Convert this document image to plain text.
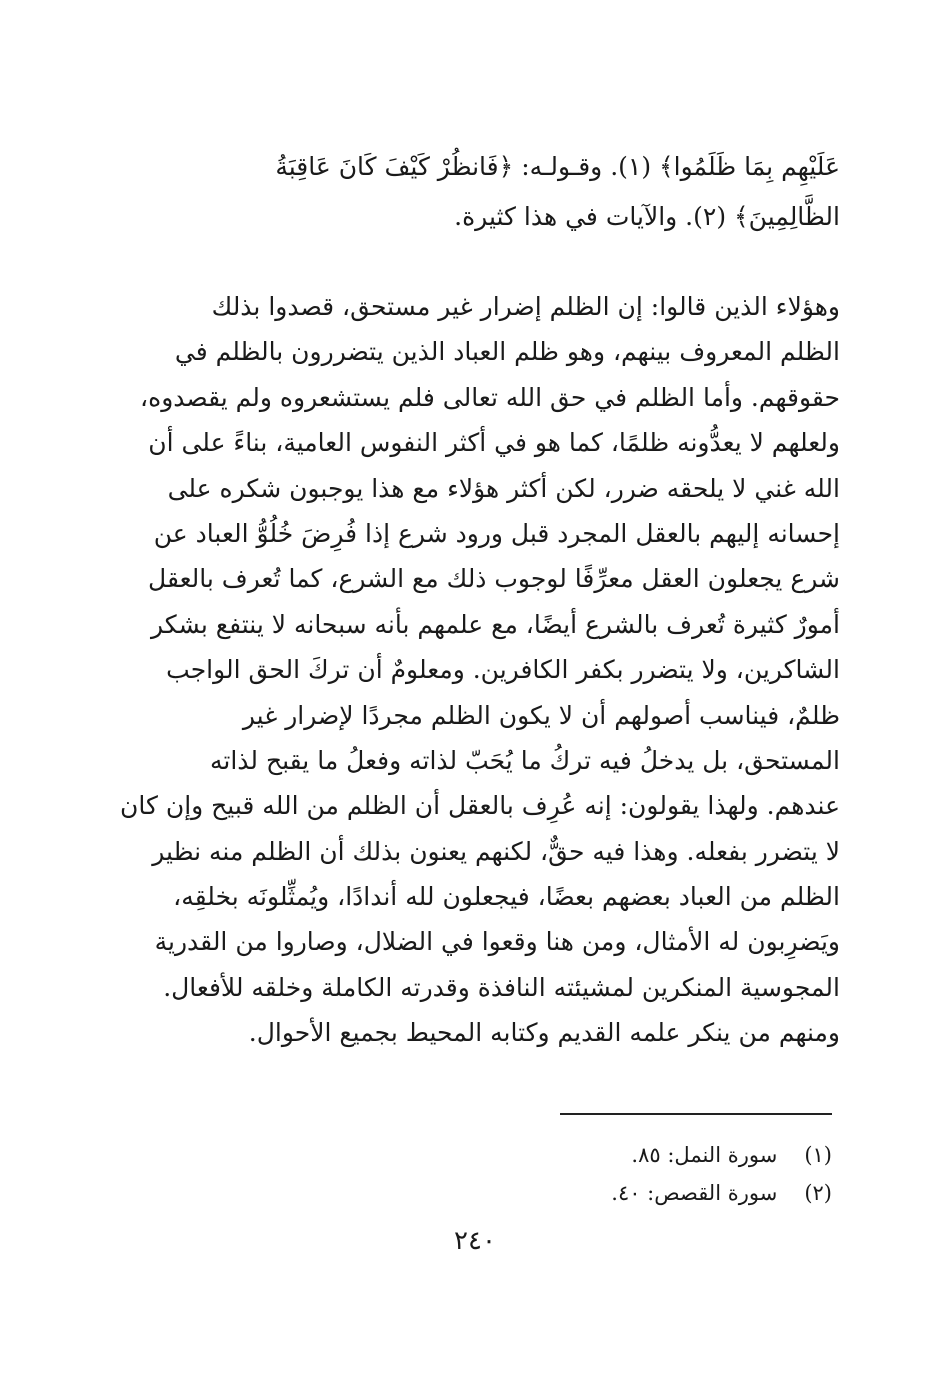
عَلَيْهِم بِمَا ظَلَمُوا﴾ (١). وقـولـه: ﴿فَانظُرْ كَيْفَ كَانَ عَاقِبَةُ
الظَّالِمِينَ﴾ (٢). والآيات في هذا كثيرة.
وهؤلاء الذين قالوا: إن الظلم إضرار غير مستحق، قصدوا بذلك
الظلم المعروف بينهم، وهو ظلم العباد الذين يتضررون بالظلم في
حقوقهم. وأما الظلم في حق الله تعالى فلم يستشعروه ولم يقصدوه،
ولعلهم لا يعدُّونه ظلمًا، كما هو في أكثر النفوس العامية، بناءً على أن
الله غني لا يلحقه ضرر، لكن أكثر هؤلاء مع هذا يوجبون شكره على
إحسانه إليهم بالعقل المجرد قبل ورود شرع إذا فُرِضَ خُلُوُّ العباد عن
شرع يجعلون العقل معرِّفًا لوجوب ذلك مع الشرع، كما تُعرف بالعقل
أمورٌ كثيرة تُعرف بالشرع أيضًا، مع علمهم بأنه سبحانه لا ينتفع بشكر
الشاكرين، ولا يتضرر بكفر الكافرين. ومعلومٌ أن تركَ الحق الواجب
ظلمٌ، فيناسب أصولهم أن لا يكون الظلم مجردًا لإضرار غير
المستحق، بل يدخلُ فيه تركُ ما يُحَبّ لذاته وفعلُ ما يقبح لذاته
عندهم. ولهذا يقولون: إنه عُرِف بالعقل أن الظلم من الله قبيح وإن كان
لا يتضرر بفعله. وهذا فيه حقٌّ، لكنهم يعنون بذلك أن الظلم منه نظير
الظلم من العباد بعضهم بعضًا، فيجعلون لله أندادًا، ويُمثِّلونَه بخلقِه،
ويَضرِبون له الأمثال، ومن هنا وقعوا في الضلال، وصاروا من القدرية
المجوسية المنكرين لمشيئته النافذة وقدرته الكاملة وخلقه للأفعال.
ومنهم من ينكر علمه القديم وكتابه المحيط بجميع الأحوال.
(١) سورة النمل: ٨٥.
(٢) سورة القصص: ٤٠.
٢٤٠
